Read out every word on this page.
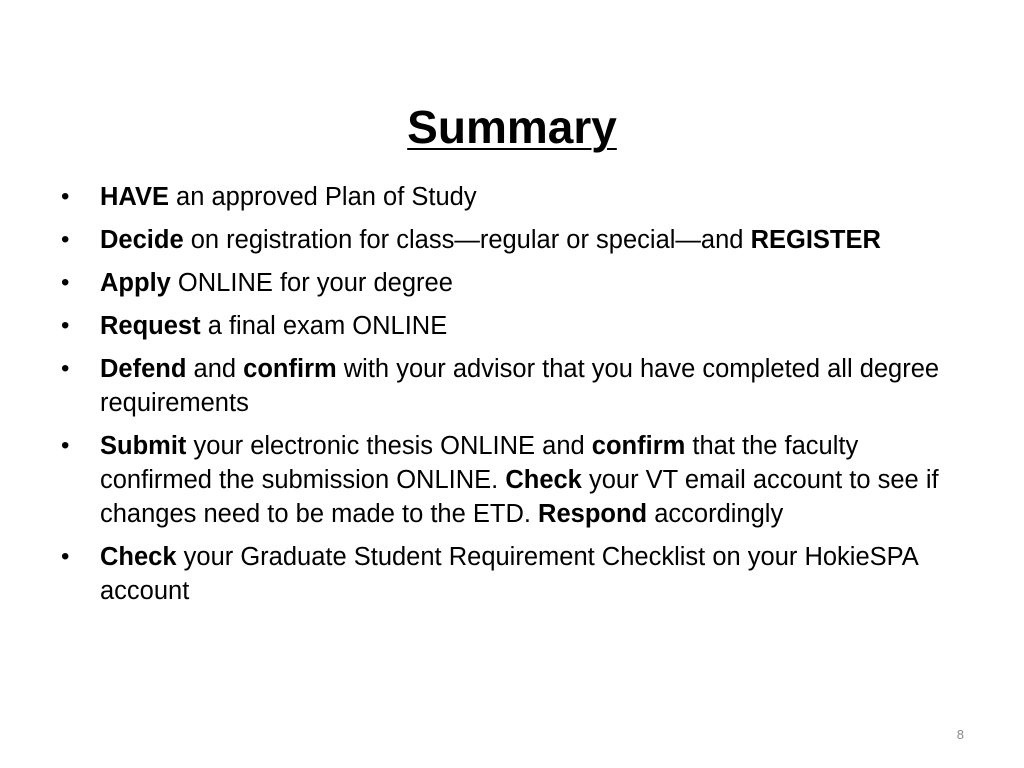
Summary
•	HAVE an approved Plan of Study
•	Decide on registration for class—regular or special—and REGISTER
•	Apply ONLINE for your degree
•	Request a final exam ONLINE
•	Defend and confirm with your advisor that you have completed all degree requirements
•	Submit your electronic thesis ONLINE and confirm that the faculty confirmed the submission ONLINE. Check your VT email account to see if changes need to be made to the ETD. Respond accordingly
•	Check your Graduate Student Requirement Checklist on your HokieSPA account
8
